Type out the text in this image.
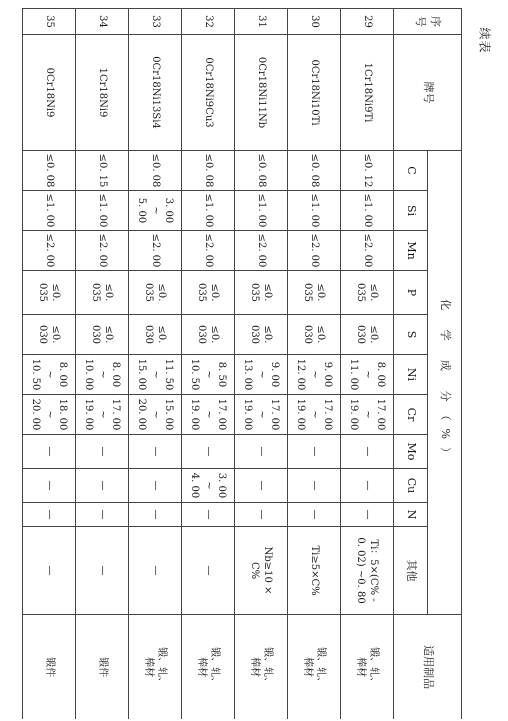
续表
序号	牌号	化 学 成 分（%）											适用制品
		C	Si	Mn	P	S	Ni	Cr	Mo	Cu	N	其他	
29	1Cr18Ni9Ti	≤0. 12	≤1. 00	≤2. 00	≤0. 035	≤0. 030	8. 00 ~
11. 00	17. 00 ~
19. 00	—	—	—	Ti：5×(C% -
0. 02) ~0. 80	锻、轧、
棒材
30	0Cr18Ni10Ti	≤0. 08	≤1. 00	≤2. 00	≤0. 035	≤0. 030	9. 00 ~
12. 00	17. 00 ~
19. 00	—	—	—	Ti≥5×C%	锻、轧、
棒材
31	0Cr18Ni11Nb	≤0. 08	≤1. 00	≤2. 00	≤0. 035	≤0. 030	9. 00 ~
13. 00	17. 00 ~
19. 00	—	—	—	Nb≥10 ×
C%	锻、轧、
棒材
32	0Cr18Ni9Cu3	≤0. 08	≤1. 00	≤2. 00	≤0. 035	≤0. 030	8. 50 ~
10. 50	17. 00 ~
19. 00	—	3. 00 ~
4. 00	—	—	锻、轧、
棒材
33	0Cr18Ni13Si4	≤0. 08	3. 00 ~
5. 00	≤2. 00	≤0. 035	≤0. 030	11. 50 ~
15. 00	15. 00 ~
20. 00	—	—	—	—	锻、轧、
棒材
34	1Cr18Ni9	≤0. 15	≤1. 00	≤2. 00	≤0. 035	≤0. 030	8. 00 ~
10. 00	17. 00 ~
19. 00	—	—	—	—	锻件
35	0Cr18Ni9	≤0. 08	≤1. 00	≤2. 00	≤0. 035	≤0. 030	8. 00 ~
10. 50	18. 00 ~
20. 00	—	—	—	—	锻件
